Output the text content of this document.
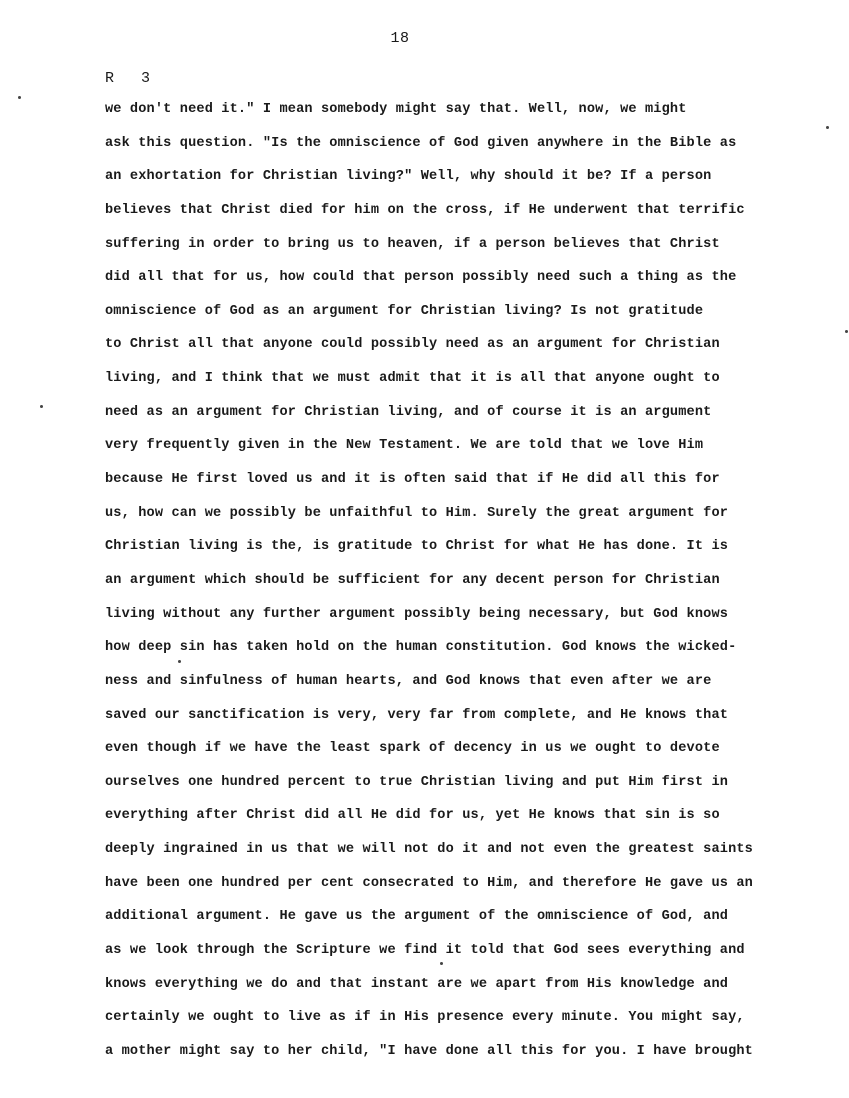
18
R   3
we don't need it." I mean somebody might say that. Well, now, we might
ask this question. "Is the omniscience of God given anywhere in the Bible as
an exhortation for Christian living?" Well, why should it be? If a person
believes that Christ died for him on the cross, if He underwent that terrific
suffering in order to bring us to heaven, if a person believes that Christ
did all that for us, how could that person possibly need such a thing as the
omniscience of God as an argument for Christian living? Is not gratitude
to Christ all that anyone could possibly need as an argument for Christian
living, and I think that we must admit that it is all that anyone ought to
need as an argument for Christian living, and of course it is an argument
very frequently given in the New Testament. We are told that we love Him
because He first loved us and it is often said that if He did all this for
us, how can we possibly be unfaithful to Him. Surely the great argument for
Christian living is the, is gratitude to Christ for what He has done. It is
an argument which should be sufficient for any decent person for Christian
living without any further argument possibly being necessary, but God knows
how deep sin has taken hold on the human constitution. God knows the wicked-
ness and sinfulness of human hearts, and God knows that even after we are
saved our sanctification is very, very far from complete, and He knows that
even though if we have the least spark of decency in us we ought to devote
ourselves one hundred percent to true Christian living and put Him first in
everything after Christ did all He did for us, yet He knows that sin is so
deeply ingrained in us that we will not do it and not even the greatest saints
have been one hundred per cent consecrated to Him, and therefore He gave us an
additional argument. He gave us the argument of the omniscience of God, and
as we look through the Scripture we find it told that God sees everything and
knows everything we do and that instant are we apart from His knowledge and
certainly we ought to live as if in His presence every minute. You might say,
a mother might say to her child, "I have done all this for you. I have brought
